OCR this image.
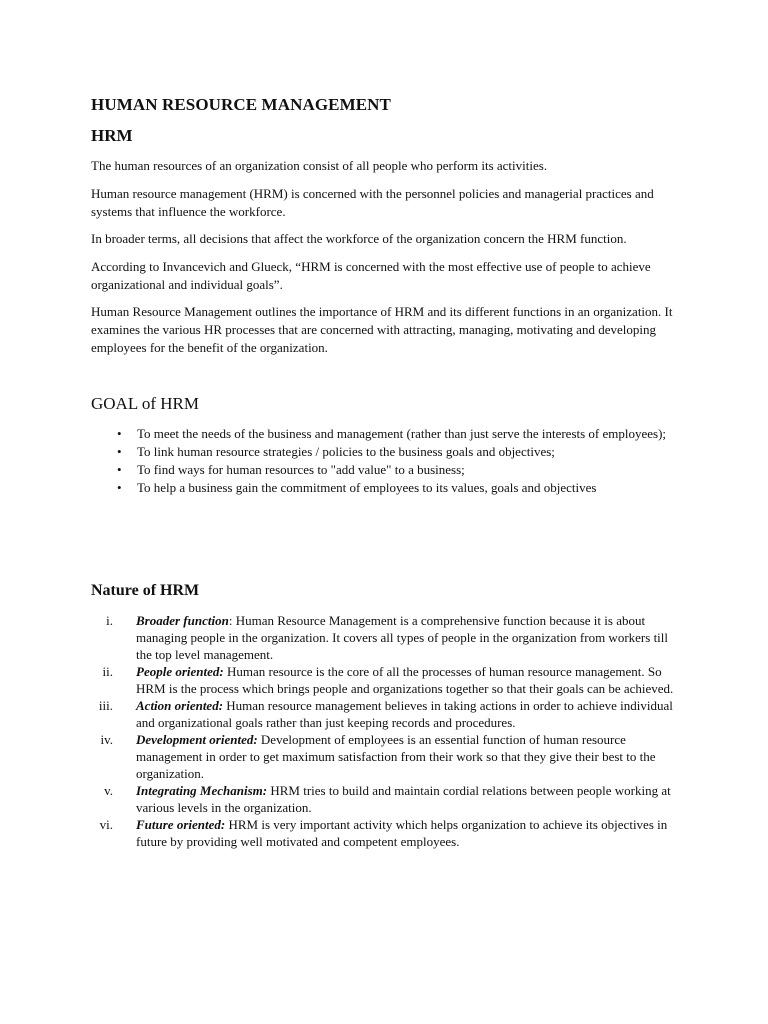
HUMAN RESOURCE MANAGEMENT
HRM

The human resources of an organization consist of all people who perform its activities.

Human resource management (HRM) is concerned with the personnel policies and managerial practices and systems that influence the workforce.

In broader terms, all decisions that affect the workforce of the organization concern the HRM function.

According to Invancevich and Glueck, “HRM is concerned with the most effective use of people to achieve organizational and individual goals”.

Human Resource Management outlines the importance of HRM and its different functions in an organization. It examines the various HR processes that are concerned with attracting, managing, motivating and developing employees for the benefit of the organization.

GOAL of HRM
• To meet the needs of the business and management (rather than just serve the interests of employees);
• To link human resource strategies / policies to the business goals and objectives;
• To find ways for human resources to "add value" to a business;
• To help a business gain the commitment of employees to its values, goals and objectives
Nature of HRM
i. Broader function: Human Resource Management is a comprehensive function because it is about managing people in the organization. It covers all types of people in the organization from workers till the top level management.
ii. People oriented: Human resource is the core of all the processes of human resource management. So HRM is the process which brings people and organizations together so that their goals can be achieved.
iii. Action oriented: Human resource management believes in taking actions in order to achieve individual and organizational goals rather than just keeping records and procedures.
iv. Development oriented: Development of employees is an essential function of human resource management in order to get maximum satisfaction from their work so that they give their best to the organization.
v. Integrating Mechanism: HRM tries to build and maintain cordial relations between people working at various levels in the organization.
vi. Future oriented: HRM is very important activity which helps organization to achieve its objectives in future by providing well motivated and competent employees.
